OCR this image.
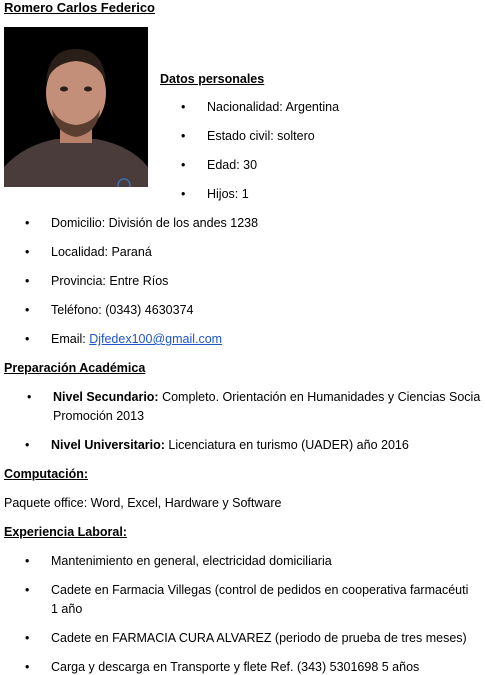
Romero Carlos Federico
Datos personales
• Nacionalidad: Argentina
• Estado civil: soltero
• Edad: 30
• Hijos: 1
• Domicilio: División de los andes 1238
• Localidad: Paraná
• Provincia: Entre Ríos
• Teléfono: (0343) 4630374
• Email: Djfedex100@gmail.com
Preparación Académica
• Nivel Secundario: Completo. Orientación en Humanidades y Ciencias Socia
Promoción 2013
• Nivel Universitario: Licenciatura en turismo (UADER) año 2016
Computación:
Paquete office: Word, Excel, Hardware y Software
Experiencia Laboral:
• Mantenimiento en general, electricidad domiciliaria
• Cadete en Farmacia Villegas (control de pedidos en cooperativa farmacéuti
1 año
• Cadete en FARMACIA CURA ALVAREZ (periodo de prueba de tres meses)
• Carga y descarga en Transporte y flete Ref. (343) 5301698 5 años
